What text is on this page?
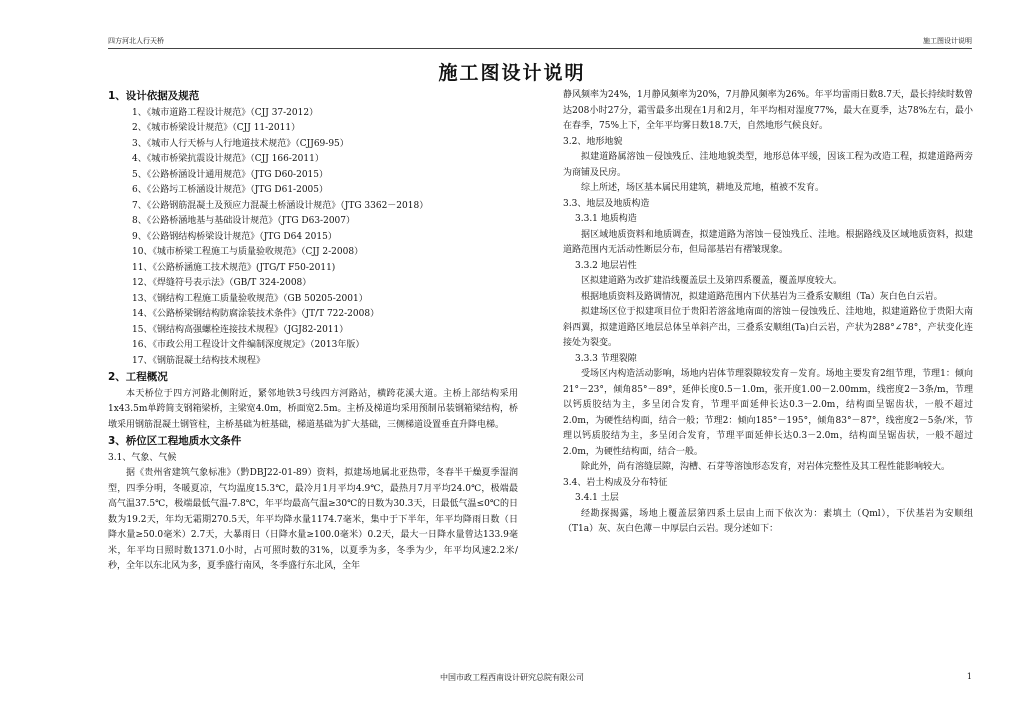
四方河北人行天桥	施工图设计说明
施工图设计说明
1、设计依据及规范
1、《城市道路工程设计规范》（CJJ 37-2012）
2、《城市桥梁设计规范》（CJJ 11-2011）
3、《城市人行天桥与人行地道技术规范》（CJJ69-95）
4、《城市桥梁抗震设计规范》（CJJ 166-2011）
5、《公路桥涵设计通用规范》（JTG D60-2015）
6、《公路圬工桥涵设计规范》（JTG D61-2005）
7、《公路钢筋混凝土及预应力混凝土桥涵设计规范》（JTG 3362－2018）
8、《公路桥涵地基与基础设计规范》（JTG D63-2007）
9、《公路钢结构桥梁设计规范》（JTG D64 2015）
10、《城市桥梁工程施工与质量验收规范》（CJJ 2-2008）
11、《公路桥涵施工技术规范》(JTG/T F50-2011)
12、《焊缝符号表示法》（GB/T 324-2008）
13、《钢结构工程施工质量验收规范》（GB 50205-2001）
14、《公路桥梁钢结构防腐涂装技术条件》（JT/T 722-2008）
15、《钢结构高强螺栓连接技术规程》（JGJ82-2011）
16、《市政公用工程设计文件编制深度规定》（2013年版）
17、《钢筋混凝土结构技术规程》
2、工程概况

本天桥位于四方河路北侧附近，紧邻地铁3号线四方河路站，横跨花溪大道。主桥上部结构采用1x43.5m单跨简支钢箱梁桥，主梁宽4.0m，桥面宽2.5m。主桥及梯道均采用预制吊装钢箱梁结构，桥墩采用钢筋混凝土钢管柱，主桥基础为桩基础，梯道基础为扩大基础，三侧梯道设置垂直升降电梯。

3、桥位区工程地质水文条件
3.1、气象、气候

据《贵州省建筑气象标准》（黔DBJ22-01-89）资料，拟建场地属北亚热带，冬春半干燥夏季湿润型，四季分明，冬暖夏凉，气均温度15.3℃，最冷月1月平均4.9℃，最热月7月平均24.0℃，极端最高气温37.5℃，极端最低气温-7.8℃，年平均最高气温≥30℃的日数为30.3天，日最低气温≤0℃的日数为19.2天，年均无霜期270.5天，年平均降水量1174.7毫米，集中于下半年，年平均降雨日数（日降水量≥50.0毫米）2.7天，大暴雨日（日降水量≥100.0毫米）0.2天，最大一日降水量曾达133.9毫米，年平均日照时数1371.0小时，占可照时数的31%，以夏季为多，冬季为少，年平均风速2.2米/秒，全年以东北风为多，夏季盛行南风，冬季盛行东北风，全年

静风频率为24%，1月静风频率为20%，7月静风频率为26%。年平均雷雨日数8.7天，最长持续时数曾达208小时27分，霜雪最多出现在1月和2月，年平均相对湿度77%，最大在夏季，达78%左右，最小在春季，75%上下，全年平均雾日数18.7天，自然地形气候良好。

3.2、地形地貌

拟建道路属溶蚀－侵蚀残丘、洼地地貌类型，地形总体平缓，因该工程为改造工程，拟建道路两旁为商铺及民房。

综上所述，场区基本属民用建筑，耕地及荒地，植被不发育。

3.3、地层及地质构造
3.3.1 地质构造

据区域地质资料和地质调查，拟建道路为溶蚀－侵蚀残丘、洼地。根据路线及区域地质资料，拟建道路范围内无活动性断层分布，但局部基岩有褶皱现象。

3.3.2 地层岩性

区拟建道路为改扩建沿线覆盖层土及第四系覆盖，覆盖厚度较大。

根据地质资料及路调情况，拟建道路范围内下伏基岩为三叠系安顺组（Ta）灰白色白云岩。

拟建场区位于拟建项目位于贵阳若溶盆地南面的溶蚀－侵蚀残丘、洼地地，拟建道路位于贵阳大南斜西翼，拟建道路区地层总体呈单斜产出，三叠系安顺组(Ta)白云岩，产状为288°∠78°，产状变化连接处为裂变。

3.3.3 节理裂隙

受场区内构造活动影响，场地内岩体节理裂隙较发育－发育。场地主要发育2组节理，节理1：倾向21°－23°，倾角85°－89°，延伸长度0.5－1.0m，张开度1.00－2.00mm，线密度2－3条/m，节理以钙质胶结为主，多呈闭合发育，节理平面延伸长达0.3－2.0m，结构面呈锯齿状，一般不超过2.0m，为硬性结构面，结合一般；节理2：倾向185°－195°，倾角83°－87°，线密度2－5条/米，节理以钙质胶结为主，多呈闭合发育，节理平面延伸长达0.3－2.0m，结构面呈锯齿状，一般不超过2.0m，为硬性结构面，结合一般。

除此外，尚有溶缝层隙，沟槽、石芽等溶蚀形态发育，对岩体完整性及其工程性能影响较大。

3.4、岩土构成及分布特征
3.4.1 土层

经勘探揭露，场地上覆盖层第四系土层由上而下依次为：素填土（Qml），下伏基岩为安顺组（T1a）灰、灰白色薄－中厚层白云岩。现分述如下：

中国市政工程西南设计研究总院有限公司	1
